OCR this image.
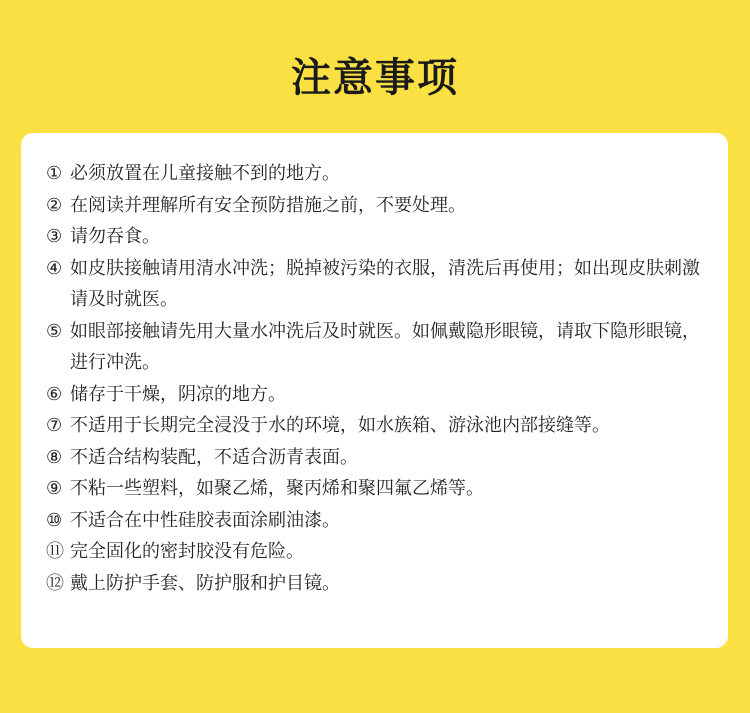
注意事项
① 必须放置在儿童接触不到的地方。
② 在阅读并理解所有安全预防措施之前，不要处理。
③ 请勿吞食。
④ 如皮肤接触请用清水冲洗；脱掉被污染的衣服，清洗后再使用；如出现皮肤刺激请及时就医。
⑤ 如眼部接触请先用大量水冲洗后及时就医。如佩戴隐形眼镜，请取下隐形眼镜，进行冲洗。
⑥ 储存于干燥，阴凉的地方。
⑦ 不适用于长期完全浸没于水的环境，如水族箱、游泳池内部接缝等。
⑧ 不适合结构装配，不适合沥青表面。
⑨ 不粘一些塑料，如聚乙烯，聚丙烯和聚四氟乙烯等。
⑩ 不适合在中性硅胶表面涂刷油漆。
⑪ 完全固化的密封胶没有危险。
⑫ 戴上防护手套、防护服和护目镜。
